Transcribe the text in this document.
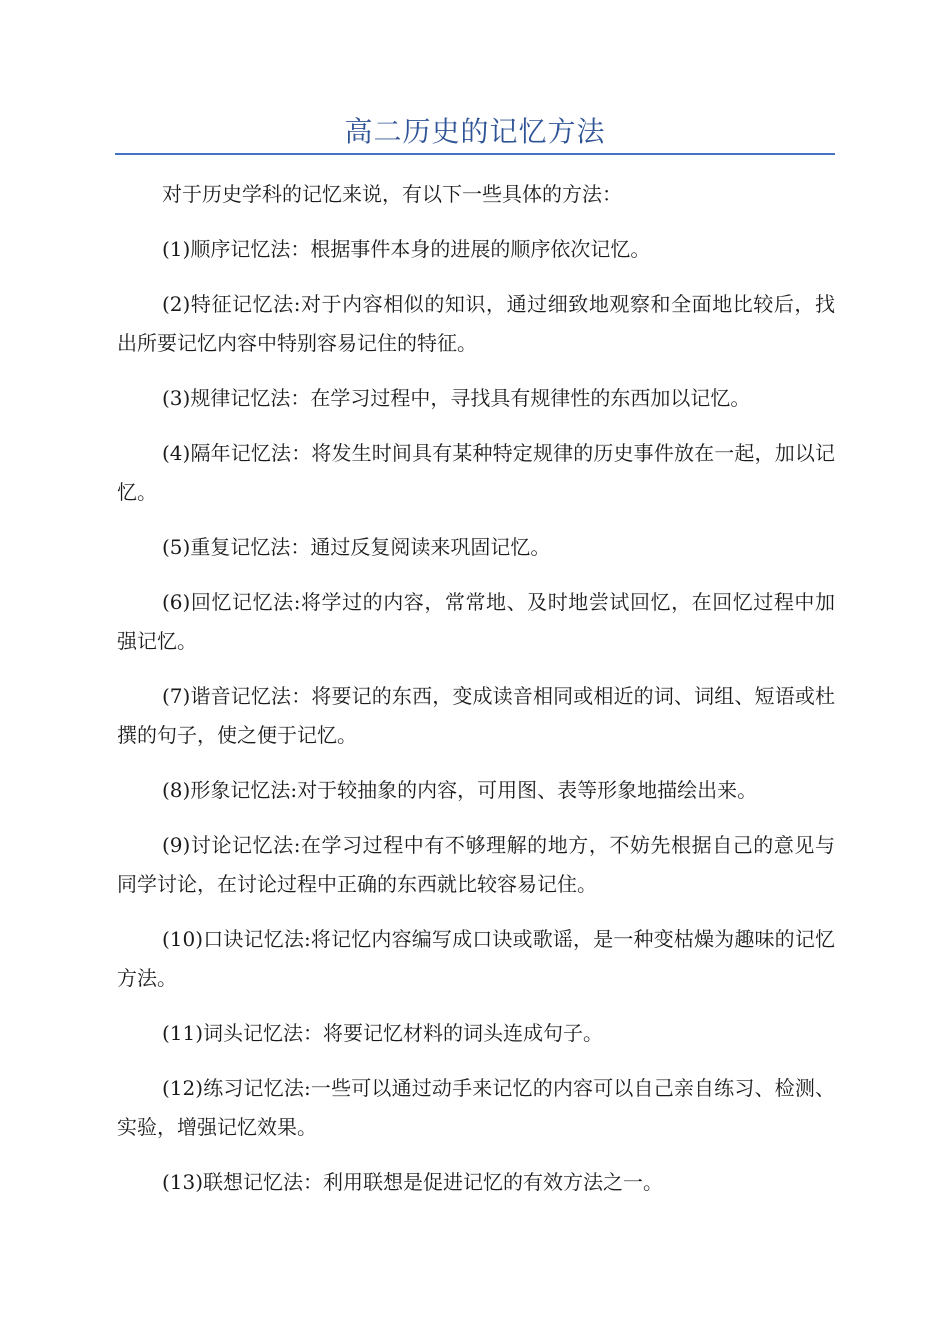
高二历史的记忆方法

对于历史学科的记忆来说，有以下一些具体的方法：

(1)顺序记忆法：根据事件本身的进展的顺序依次记忆。

(2)特征记忆法:对于内容相似的知识，通过细致地观察和全面地比较后，找出所要记忆内容中特别容易记住的特征。

(3)规律记忆法：在学习过程中，寻找具有规律性的东西加以记忆。

(4)隔年记忆法：将发生时间具有某种特定规律的历史事件放在一起，加以记忆。

(5)重复记忆法：通过反复阅读来巩固记忆。

(6)回忆记忆法:将学过的内容，常常地、及时地尝试回忆，在回忆过程中加强记忆。

(7)谐音记忆法：将要记的东西，变成读音相同或相近的词、词组、短语或杜撰的句子，使之便于记忆。

(8)形象记忆法:对于较抽象的内容，可用图、表等形象地描绘出来。

(9)讨论记忆法:在学习过程中有不够理解的地方，不妨先根据自己的意见与同学讨论，在讨论过程中正确的东西就比较容易记住。

(10)口诀记忆法:将记忆内容编写成口诀或歌谣，是一种变枯燥为趣味的记忆方法。

(11)词头记忆法：将要记忆材料的词头连成句子。

(12)练习记忆法:一些可以通过动手来记忆的内容可以自己亲自练习、检测、实验，增强记忆效果。

(13)联想记忆法：利用联想是促进记忆的有效方法之一。
